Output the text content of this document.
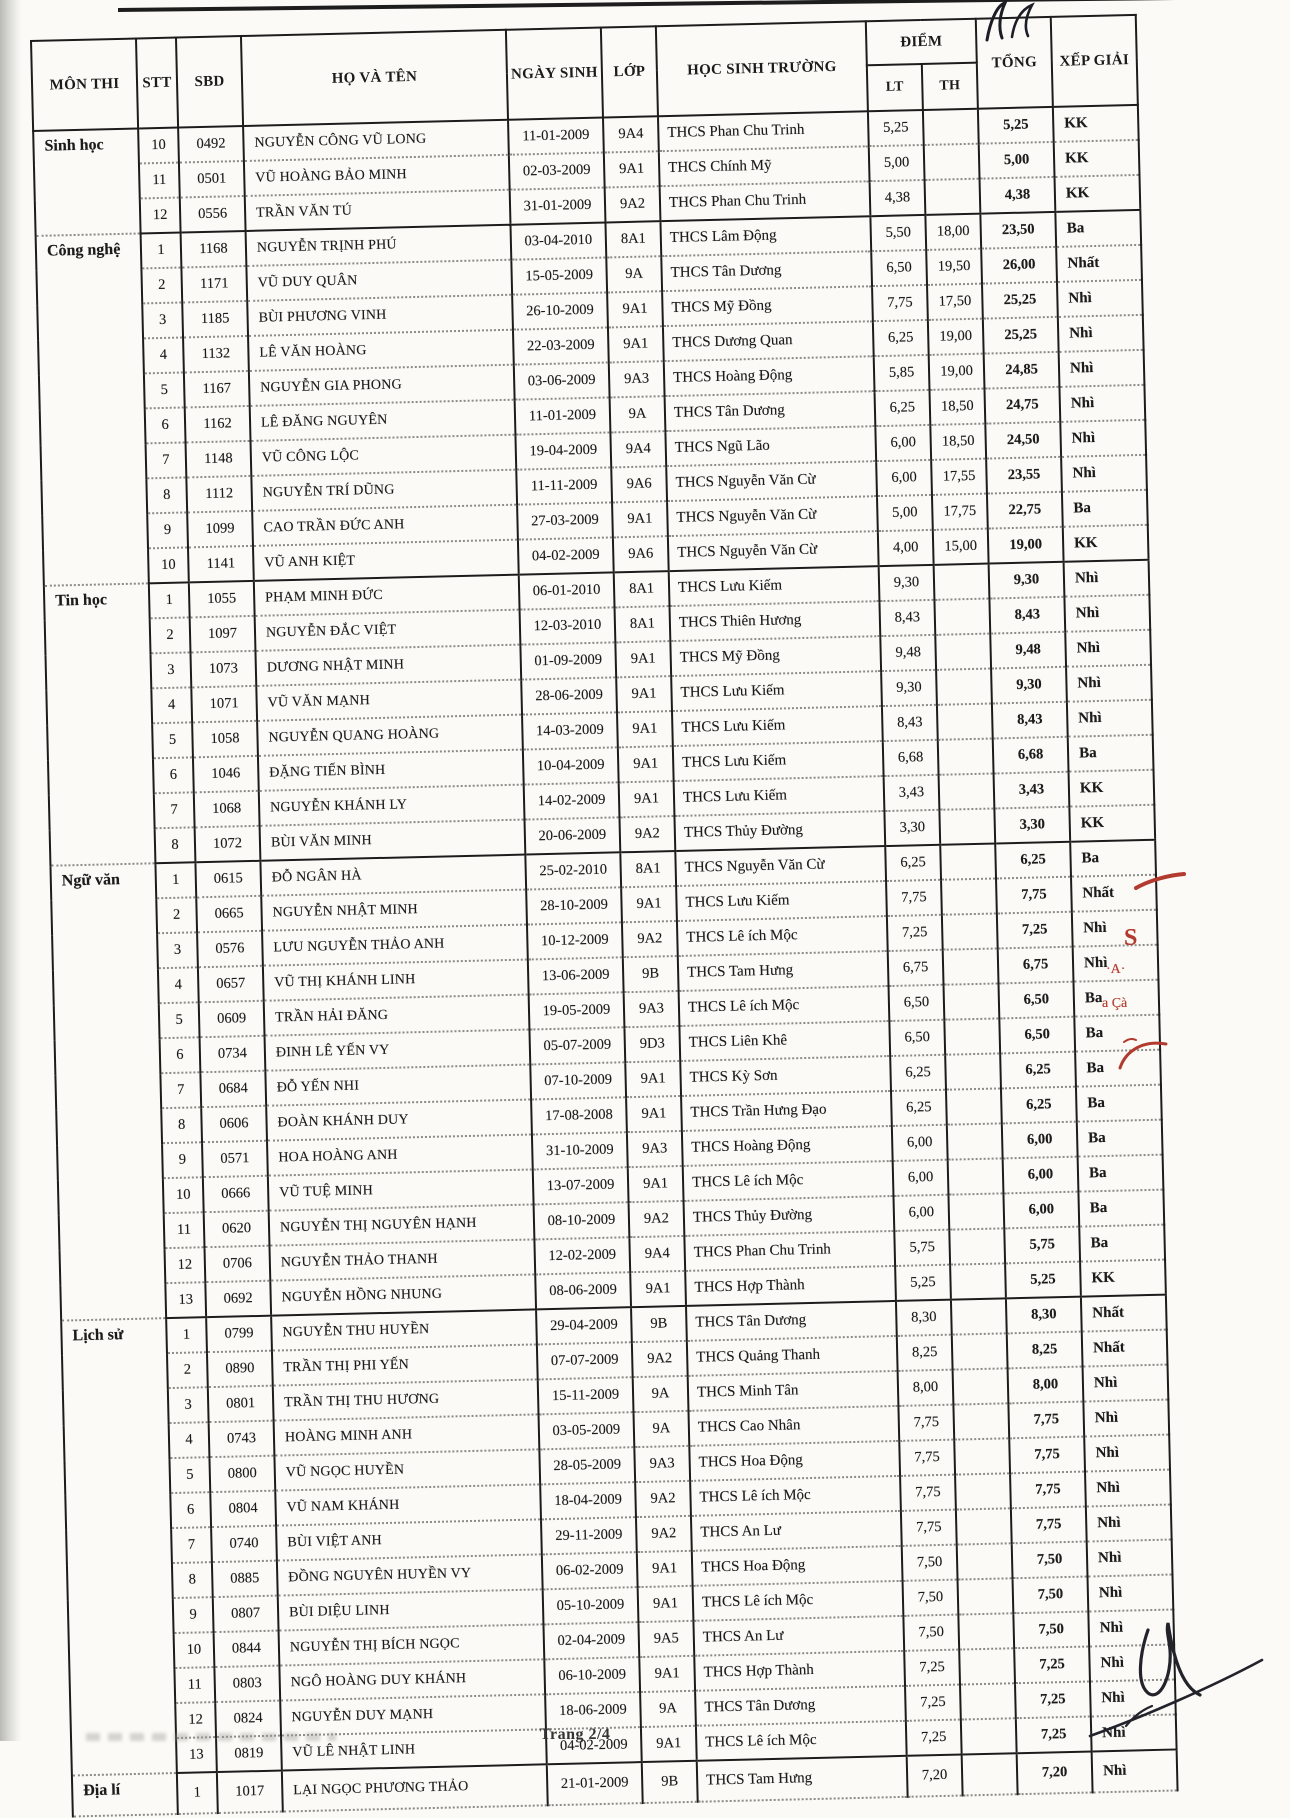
MÔN THI	STT	SBD	HỌ VÀ TÊN	NGÀY SINH	LỚP	HỌC SINH TRƯỜNG	ĐIỂM		TỔNG	XẾP GIẢI
							LT	TH		
Sinh học	10	0492	NGUYỄN CÔNG VŨ LONG	11-01-2009	9A4	THCS Phan Chu Trinh	5,25		5,25	KK
	11	0501	VŨ HOÀNG BẢO MINH	02-03-2009	9A1	THCS Chính Mỹ	5,00		5,00	KK
	12	0556	TRẦN VĂN TÚ	31-01-2009	9A2	THCS Phan Chu Trinh	4,38		4,38	KK
Công nghệ	1	1168	NGUYỄN TRỊNH PHÚ	03-04-2010	8A1	THCS Lâm Động	5,50	18,00	23,50	Ba
	2	1171	VŨ DUY QUÂN	15-05-2009	9A	THCS Tân Dương	6,50	19,50	26,00	Nhất
	3	1185	BÙI PHƯƠNG VINH	26-10-2009	9A1	THCS Mỹ Đồng	7,75	17,50	25,25	Nhì
	4	1132	LÊ VĂN HOÀNG	22-03-2009	9A1	THCS Dương Quan	6,25	19,00	25,25	Nhì
	5	1167	NGUYỄN GIA PHONG	03-06-2009	9A3	THCS Hoàng Động	5,85	19,00	24,85	Nhì
	6	1162	LÊ ĐĂNG NGUYÊN	11-01-2009	9A	THCS Tân Dương	6,25	18,50	24,75	Nhì
	7	1148	VŨ CÔNG LỘC	19-04-2009	9A4	THCS Ngũ Lão	6,00	18,50	24,50	Nhì
	8	1112	NGUYỄN TRÍ DŨNG	11-11-2009	9A6	THCS Nguyễn Văn Cừ	6,00	17,55	23,55	Nhì
	9	1099	CAO TRẦN ĐỨC ANH	27-03-2009	9A1	THCS Nguyễn Văn Cừ	5,00	17,75	22,75	Ba
	10	1141	VŨ ANH KIỆT	04-02-2009	9A6	THCS Nguyễn Văn Cừ	4,00	15,00	19,00	KK
Tin học	1	1055	PHẠM MINH ĐỨC	06-01-2010	8A1	THCS Lưu Kiếm	9,30		9,30	Nhì
	2	1097	NGUYỄN ĐẮC VIỆT	12-03-2010	8A1	THCS Thiên Hương	8,43		8,43	Nhì
	3	1073	DƯƠNG NHẬT MINH	01-09-2009	9A1	THCS Mỹ Đồng	9,48		9,48	Nhì
	4	1071	VŨ VĂN MẠNH	28-06-2009	9A1	THCS Lưu Kiếm	9,30		9,30	Nhì
	5	1058	NGUYỄN QUANG HOÀNG	14-03-2009	9A1	THCS Lưu Kiếm	8,43		8,43	Nhì
	6	1046	ĐẶNG TIẾN BÌNH	10-04-2009	9A1	THCS Lưu Kiếm	6,68		6,68	Ba
	7	1068	NGUYỄN KHÁNH LY	14-02-2009	9A1	THCS Lưu Kiếm	3,43		3,43	KK
	8	1072	BÙI VĂN MINH	20-06-2009	9A2	THCS Thủy Đường	3,30		3,30	KK
Ngữ văn	1	0615	ĐỖ NGÂN HÀ	25-02-2010	8A1	THCS Nguyễn Văn Cừ	6,25		6,25	Ba
	2	0665	NGUYỄN NHẬT MINH	28-10-2009	9A1	THCS Lưu Kiếm	7,75		7,75	Nhất
	3	0576	LƯU NGUYỄN THẢO ANH	10-12-2009	9A2	THCS Lê ích Mộc	7,25		7,25	Nhì
	4	0657	VŨ THỊ KHÁNH LINH	13-06-2009	9B	THCS Tam Hưng	6,75		6,75	Nhì
	5	0609	TRẦN HẢI ĐĂNG	19-05-2009	9A3	THCS Lê ích Mộc	6,50		6,50	Ba
	6	0734	ĐINH LÊ YẾN VY	05-07-2009	9D3	THCS Liên Khê	6,50		6,50	Ba
	7	0684	ĐỖ YẾN NHI	07-10-2009	9A1	THCS Kỳ Sơn	6,25		6,25	Ba
	8	0606	ĐOÀN KHÁNH DUY	17-08-2008	9A1	THCS Trần Hưng Đạo	6,25		6,25	Ba
	9	0571	HOA HOÀNG ANH	31-10-2009	9A3	THCS Hoàng Động	6,00		6,00	Ba
	10	0666	VŨ TUỆ MINH	13-07-2009	9A1	THCS Lê ích Mộc	6,00		6,00	Ba
	11	0620	NGUYỄN THỊ NGUYÊN HẠNH	08-10-2009	9A2	THCS Thủy Đường	6,00		6,00	Ba
	12	0706	NGUYỄN THẢO THANH	12-02-2009	9A4	THCS Phan Chu Trinh	5,75		5,75	Ba
	13	0692	NGUYỄN HỒNG NHUNG	08-06-2009	9A1	THCS Hợp Thành	5,25		5,25	KK
Lịch sử	1	0799	NGUYỄN THU HUYỀN	29-04-2009	9B	THCS Tân Dương	8,30		8,30	Nhất
	2	0890	TRẦN THỊ PHI YẾN	07-07-2009	9A2	THCS Quảng Thanh	8,25		8,25	Nhất
	3	0801	TRẦN THỊ THU HƯƠNG	15-11-2009	9A	THCS Minh Tân	8,00		8,00	Nhì
	4	0743	HOÀNG MINH ANH	03-05-2009	9A	THCS Cao Nhân	7,75		7,75	Nhì
	5	0800	VŨ NGỌC HUYỀN	28-05-2009	9A3	THCS Hoa Động	7,75		7,75	Nhì
	6	0804	VŨ NAM KHÁNH	18-04-2009	9A2	THCS Lê ích Mộc	7,75		7,75	Nhì
	7	0740	BÙI VIỆT ANH	29-11-2009	9A2	THCS An Lư	7,75		7,75	Nhì
	8	0885	ĐỒNG NGUYÊN HUYỀN VY	06-02-2009	9A1	THCS Hoa Động	7,50		7,50	Nhì
	9	0807	BÙI DIỆU LINH	05-10-2009	9A1	THCS Lê ích Mộc	7,50		7,50	Nhì
	10	0844	NGUYỄN THỊ BÍCH NGỌC	02-04-2009	9A5	THCS An Lư	7,50		7,50	Nhì
	11	0803	NGÔ HOÀNG DUY KHÁNH	06-10-2009	9A1	THCS Hợp Thành	7,25		7,25	Nhì
	12	0824	NGUYỄN DUY MẠNH	18-06-2009	9A	THCS Tân Dương	7,25		7,25	Nhì
	13	0819	VŨ LÊ NHẬT LINH	04-02-2009	9A1	THCS Lê ích Mộc	7,25		7,25	Nhì
Địa lí	1	1017	LẠI NGỌC PHƯƠNG THẢO	21-01-2009	9B	THCS Tam Hưng	7,20		7,20	Nhì
S
·A·
a Çà
Trang 2/4
